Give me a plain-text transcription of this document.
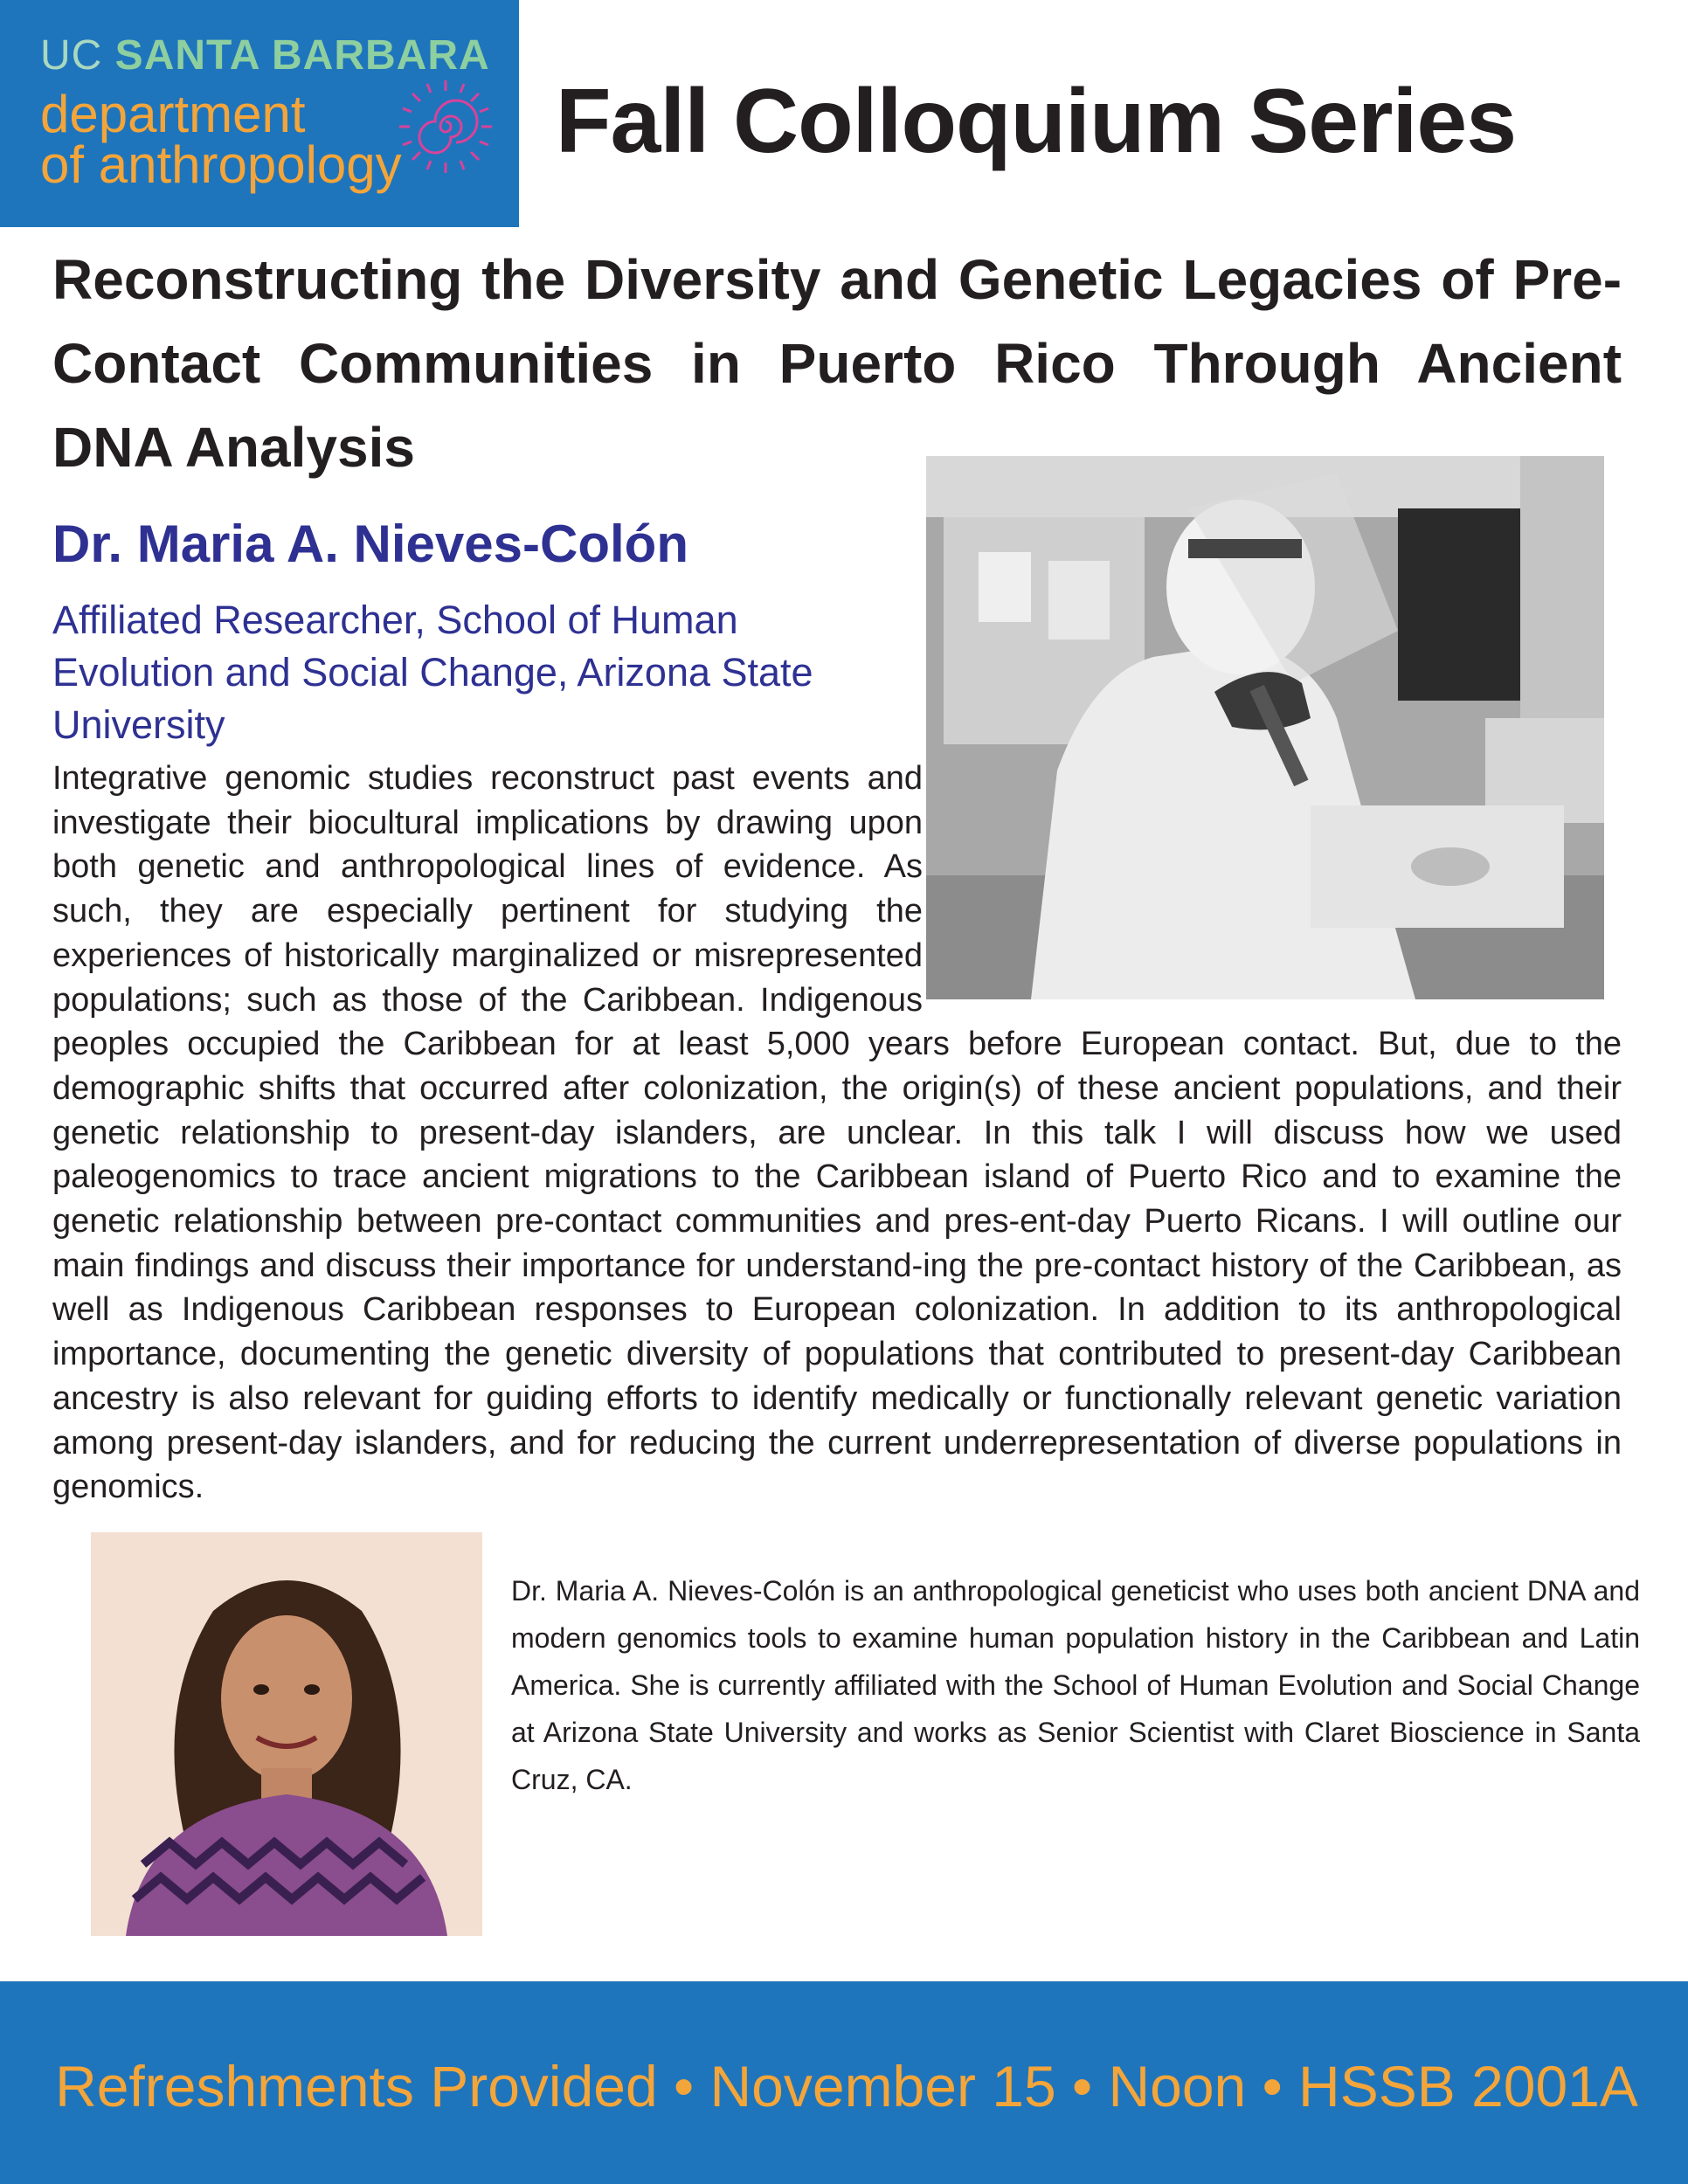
UC SANTA BARBARA
department
of anthropology Fall Colloquium Series

Reconstructing the Diversity and Genetic Legacies of Pre-Contact Communities in Puerto Rico Through Ancient DNA Analysis

Dr. Maria A. Nieves-Colón

Affiliated Researcher, School of Human Evolution and Social Change, Arizona State University

Integrative genomic studies reconstruct past events and investigate their biocultural implications by drawing upon both genetic and anthropological lines of evidence. As such, they are especially pertinent for studying the experiences of historically marginalized or misrepresented populations; such as those of the Caribbean. Indigenous peoples occupied the Caribbean for at least 5,000 years before European contact. But, due to the demographic shifts that occurred after colonization, the origin(s) of these ancient populations, and their genetic relationship to present-day islanders, are unclear. In this talk I will discuss how we used paleogenomics to trace ancient migrations to the Caribbean island of Puerto Rico and to examine the genetic relationship between pre-contact communities and pres-ent-day Puerto Ricans. I will outline our main findings and discuss their importance for understand-ing the pre-contact history of the Caribbean, as well as Indigenous Caribbean responses to European colonization. In addition to its anthropological importance, documenting the genetic diversity of populations that contributed to present-day Caribbean ancestry is also relevant for guiding efforts to identify medically or functionally relevant genetic variation among present-day islanders, and for reducing the current underrepresentation of diverse populations in genomics.

Dr. Maria A. Nieves-Colón is an anthropological geneticist who uses both ancient DNA and modern genomics tools to examine human population history in the Caribbean and Latin America. She is currently affiliated with the School of Human Evolution and Social Change at Arizona State University and works as Senior Scientist with Claret Bioscience in Santa Cruz, CA.

Refreshments Provided • November 15 • Noon • HSSB 2001A
